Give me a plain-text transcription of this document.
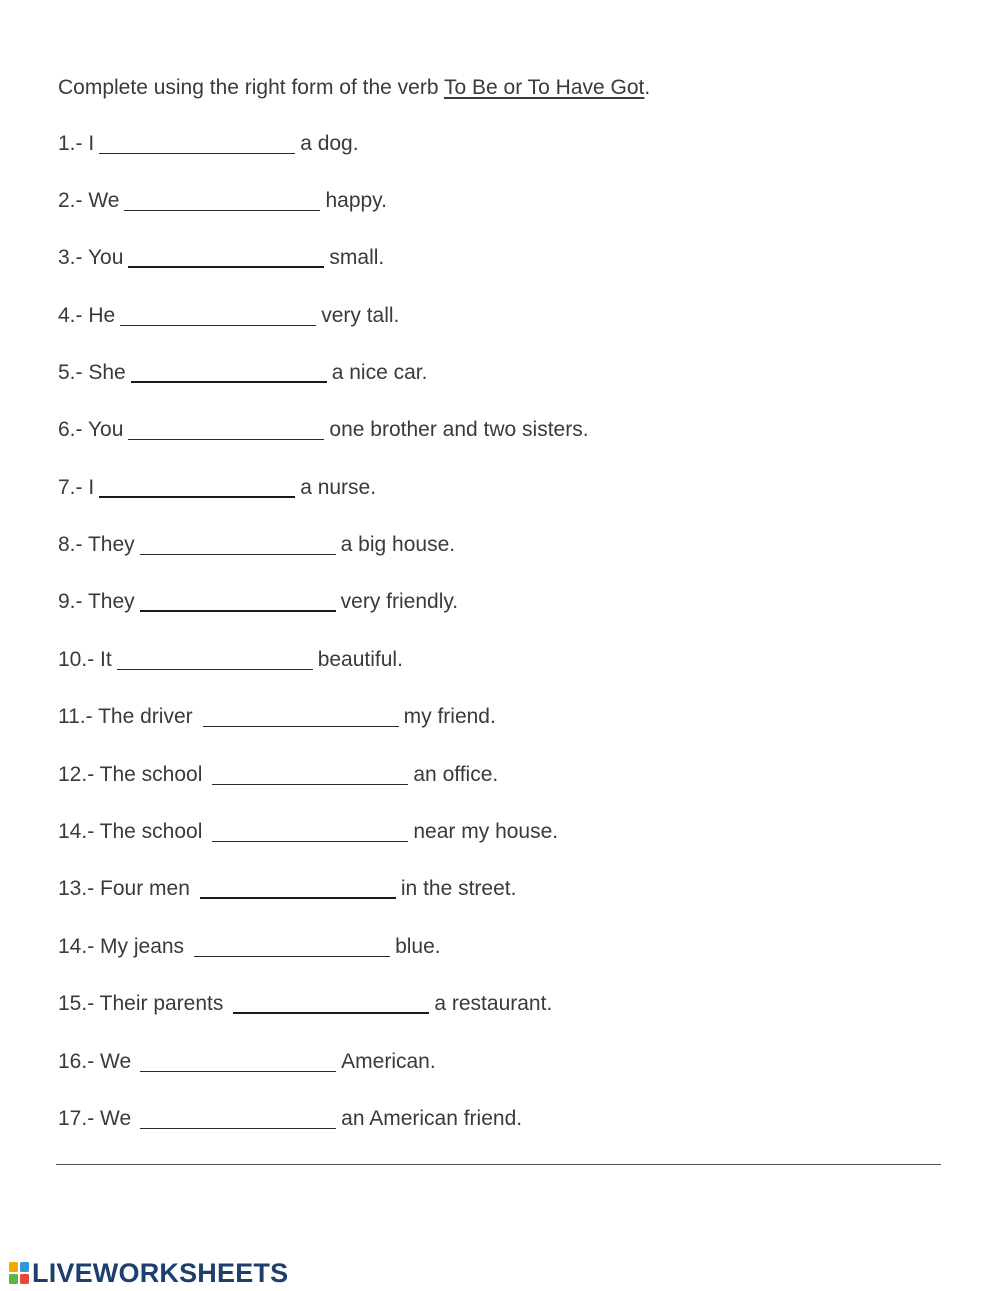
Complete using the right form of the verb To Be or To Have Got.
1.- I	a dog.
2.- We	happy.
3.- You	small.
4.- He	very tall.
5.- She	a nice car.
6.- You	one brother and two sisters.
7.- I	a nurse.
8.- They	a big house.
9.- They	very friendly.
10.- It	beautiful.
11.- The driver	my friend.
12.- The school	an office.
14.- The school	near my house.
13.- Four men	in the street.
14.- My jeans	blue.
15.- Their parents	a restaurant.
16.- We	American.
17.- We	an American friend.
LIVEWORKSHEETS
